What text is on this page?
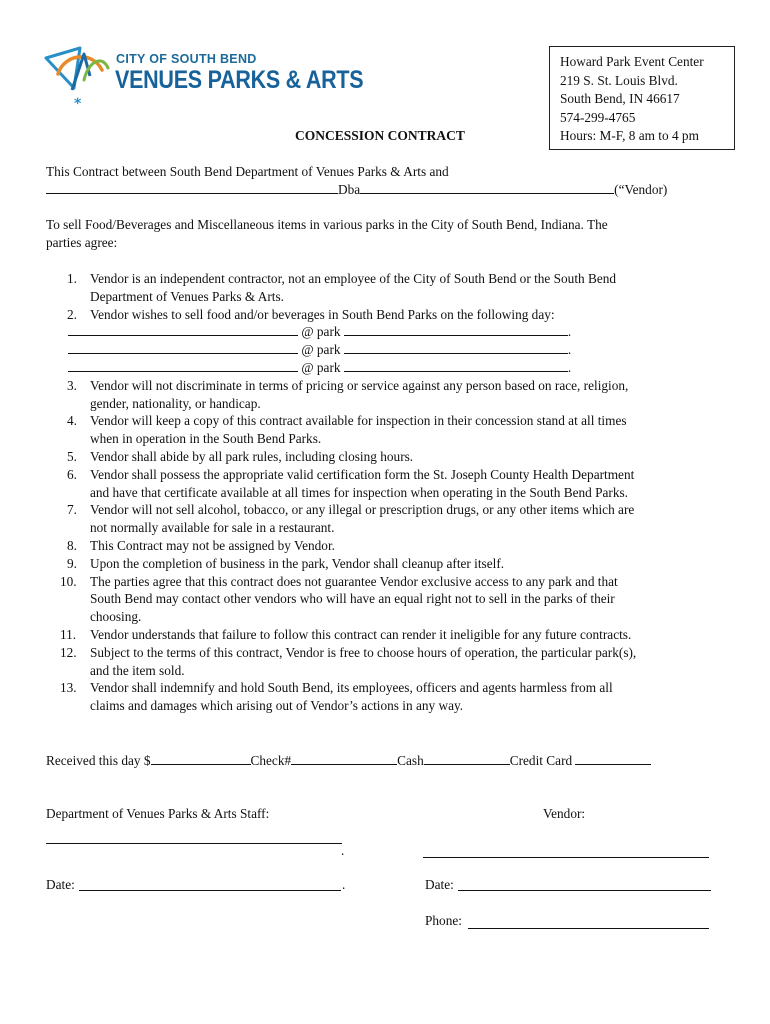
*
CITY OF SOUTH BEND
VENUES PARKS & ARTS
Howard Park Event Center
219 S. St. Louis Blvd.
South Bend, IN 46617
574-299-4765
Hours: M-F, 8 am to 4 pm
CONCESSION CONTRACT
This Contract between South Bend Department of Venues Parks & Arts and
Dba	(“Vendor)
To sell Food/Beverages and Miscellaneous items in various parks in the City of South Bend, Indiana. The
parties agree:
1. Vendor is an independent contractor, not an employee of the City of South Bend or the South Bend
Department of Venues Parks & Arts.
2. Vendor wishes to sell food and/or beverages in South Bend Parks on the following day:
@ park	.
@ park	.
@ park	.
3. Vendor will not discriminate in terms of pricing or service against any person based on race, religion,
gender, nationality, or handicap.
4. Vendor will keep a copy of this contract available for inspection in their concession stand at all times
when in operation in the South Bend Parks.
5. Vendor shall abide by all park rules, including closing hours.
6. Vendor shall possess the appropriate valid certification form the St. Joseph County Health Department
and have that certificate available at all times for inspection when operating in the South Bend Parks.
7. Vendor will not sell alcohol, tobacco, or any illegal or prescription drugs, or any other items which are
not normally available for sale in a restaurant.
8. This Contract may not be assigned by Vendor.
9. Upon the completion of business in the park, Vendor shall cleanup after itself.
10. The parties agree that this contract does not guarantee Vendor exclusive access to any park and that
South Bend may contact other vendors who will have an equal right not to sell in the parks of their
choosing.
11. Vendor understands that failure to follow this contract can render it ineligible for any future contracts.
12. Subject to the terms of this contract, Vendor is free to choose hours of operation, the particular park(s),
and the item sold.
13. Vendor shall indemnify and hold South Bend, its employees, officers and agents harmless from all
claims and damages which arising out of Vendor’s actions in any way.
Received this day $	Check#	Cash	Credit Card
Department of Venues Parks & Arts Staff:	Vendor:
.
Date:	.	Date:
Phone:
